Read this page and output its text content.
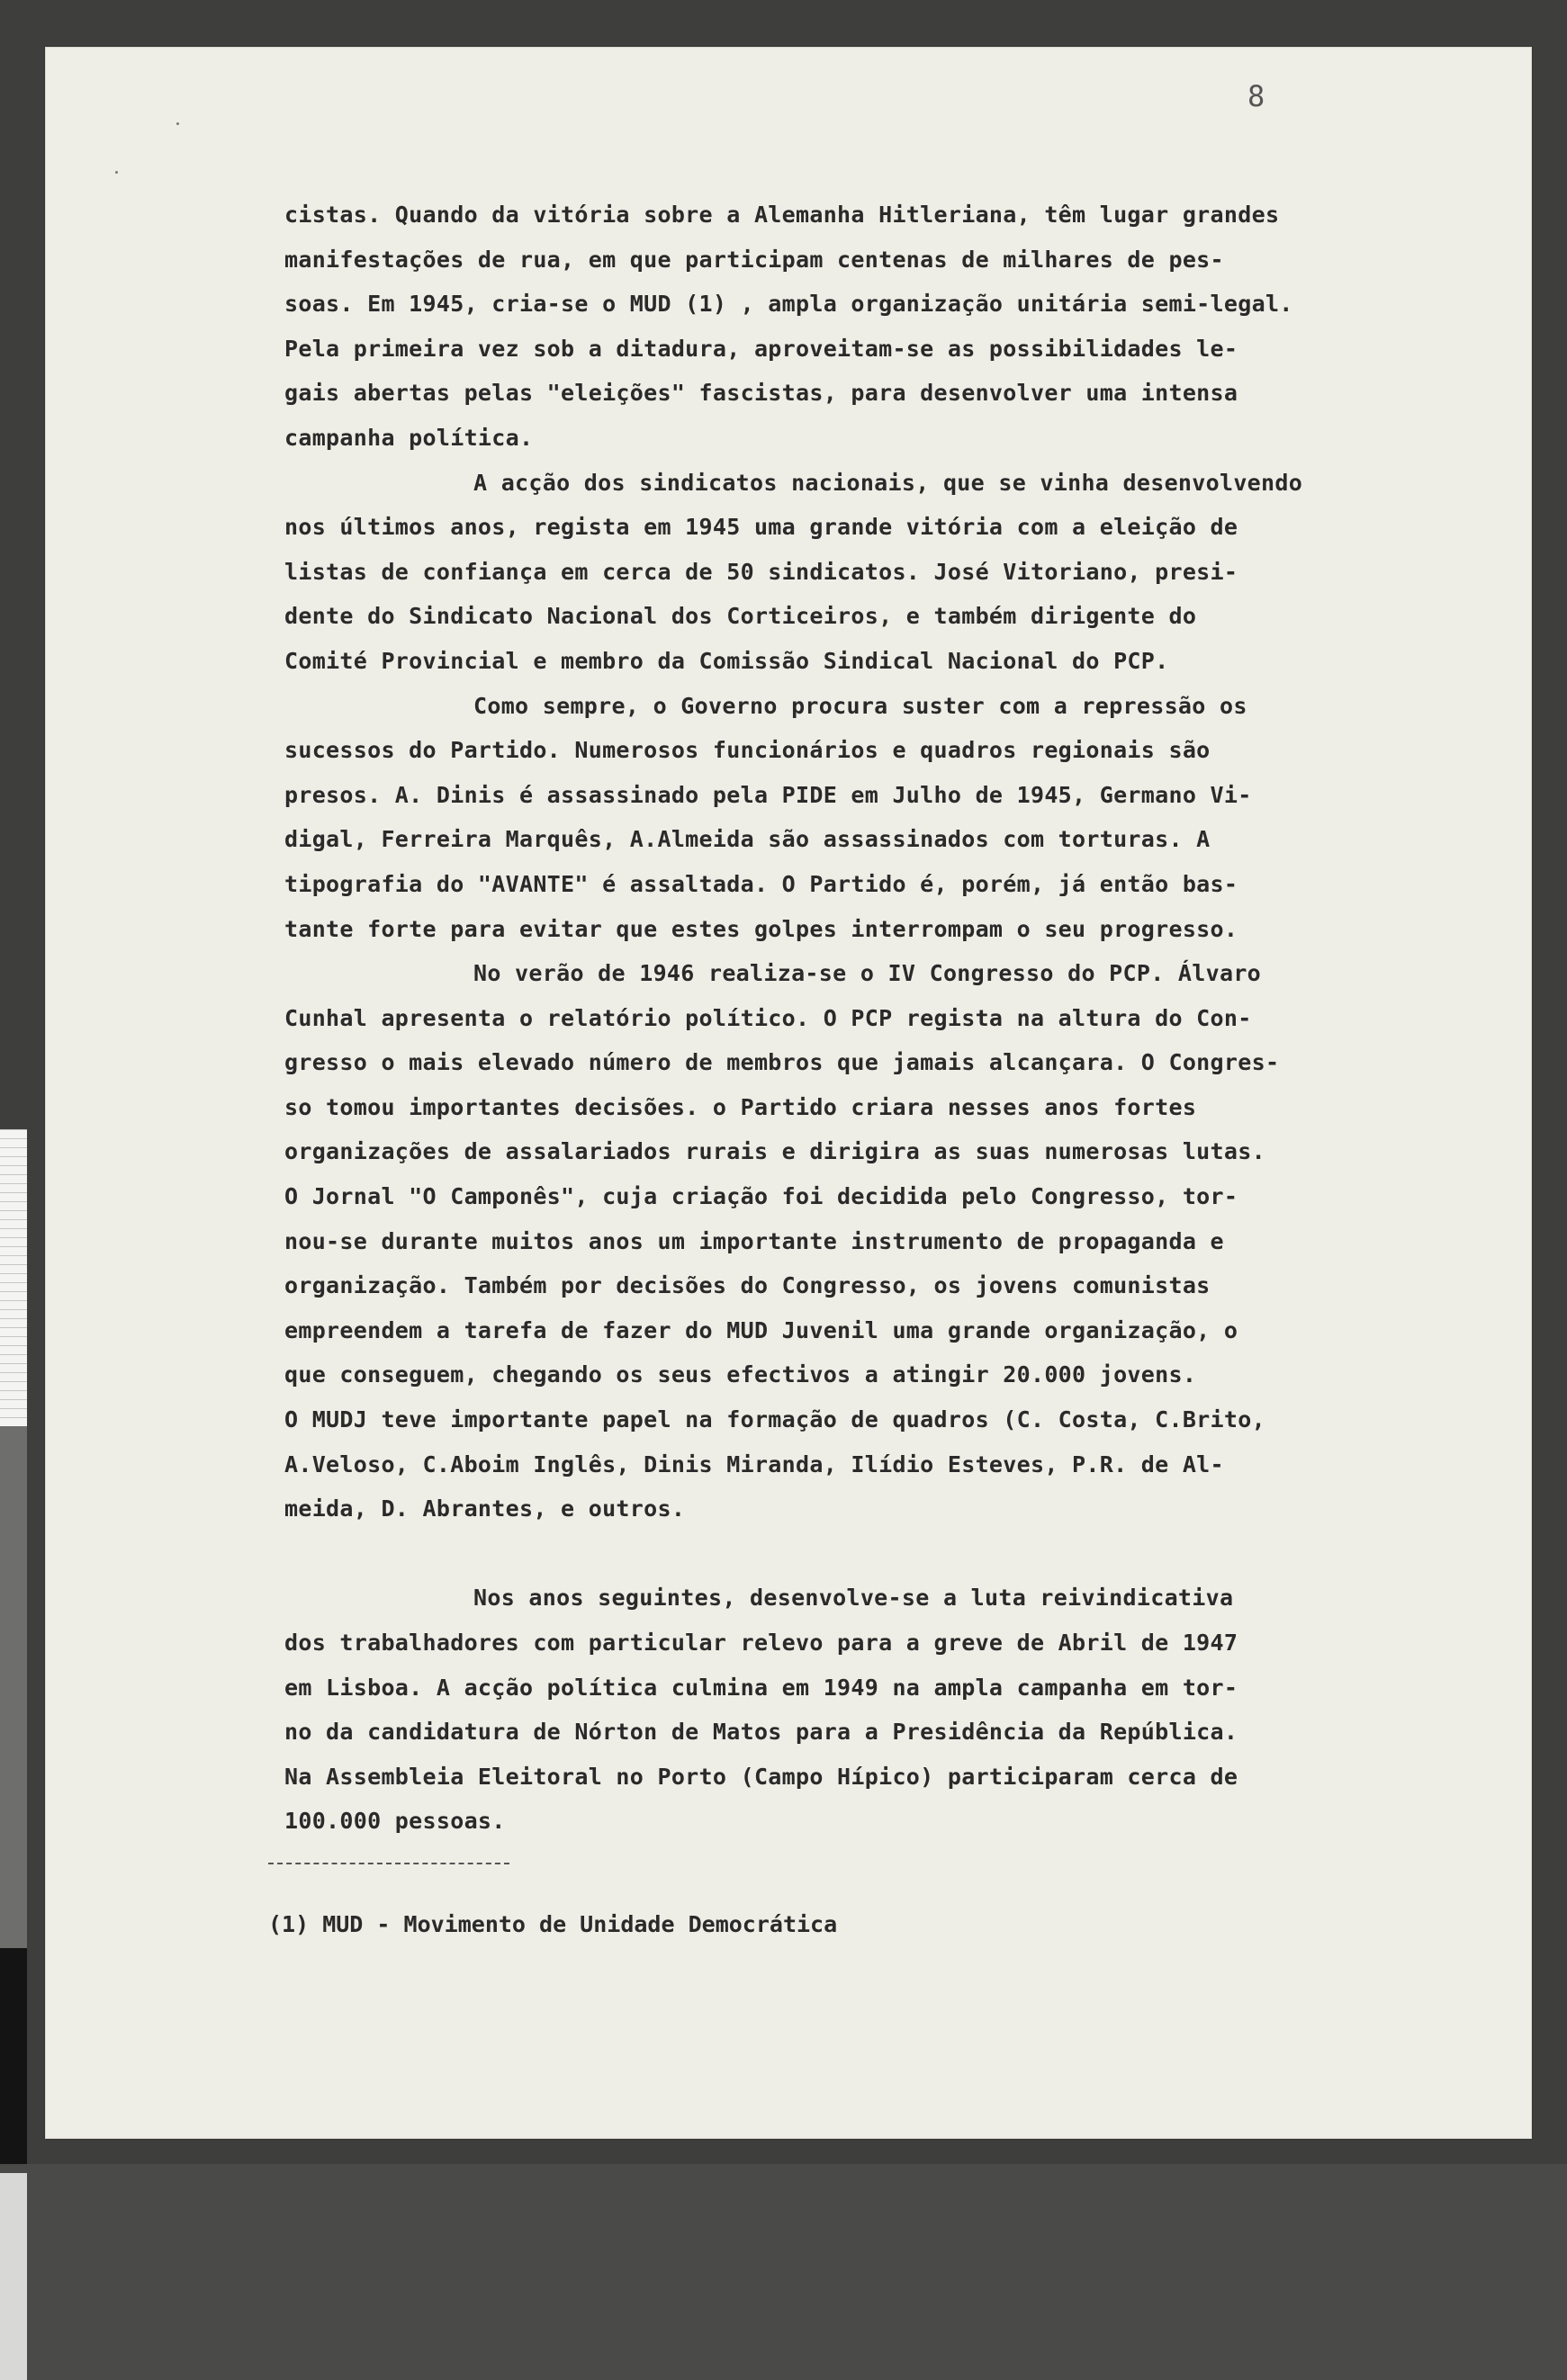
8
cistas. Quando da vitória sobre a Alemanha Hitleriana, têm lugar grandes
manifestações de rua, em que participam centenas de milhares de pes-
soas. Em 1945, cria-se o MUD (1) , ampla organização unitária semi-legal.
Pela primeira vez sob a ditadura, aproveitam-se as possibilidades le-
gais abertas pelas "eleições" fascistas, para desenvolver uma intensa
campanha política.
A acção dos sindicatos nacionais, que se vinha desenvolvendo
nos últimos anos, regista em 1945 uma grande vitória com a eleição de
listas de confiança em cerca de 50 sindicatos. José Vitoriano, presi-
dente do Sindicato Nacional dos Corticeiros, e também dirigente do
Comité Provincial e membro da Comissão Sindical Nacional do PCP.
Como sempre, o Governo procura suster com a repressão os
sucessos do Partido. Numerosos funcionários e quadros regionais são
presos. A. Dinis é assassinado pela PIDE em Julho de 1945, Germano Vi-
digal, Ferreira Marquês, A.Almeida são assassinados com torturas. A
tipografia do "AVANTE" é assaltada. O Partido é, porém, já então bas-
tante forte para evitar que estes golpes interrompam o seu progresso.
No verão de 1946 realiza-se o IV Congresso do PCP. Álvaro
Cunhal apresenta o relatório político. O PCP regista na altura do Con-
gresso o mais elevado número de membros que jamais alcançara. O Congres-
so tomou importantes decisões. o Partido criara nesses anos fortes
organizações de assalariados rurais e dirigira as suas numerosas lutas.
O Jornal "O Camponês", cuja criação foi decidida pelo Congresso, tor-
nou-se durante muitos anos um importante instrumento de propaganda e
organização. Também por decisões do Congresso, os jovens comunistas
empreendem a tarefa de fazer do MUD Juvenil uma grande organização, o
que conseguem, chegando os seus efectivos a atingir 20.000 jovens.
O MUDJ teve importante papel na formação de quadros (C. Costa, C.Brito,
A.Veloso, C.Aboim Inglês, Dinis Miranda, Ilídio Esteves, P.R. de Al-
meida, D. Abrantes, e outros.
Nos anos seguintes, desenvolve-se a luta reivindicativa
dos trabalhadores com particular relevo para a greve de Abril de 1947
em Lisboa. A acção política culmina em 1949 na ampla campanha em tor-
no da candidatura de Nórton de Matos para a Presidência da República.
Na Assembleia Eleitoral no Porto (Campo Hípico) participaram cerca de
100.000 pessoas.
(1) MUD - Movimento de Unidade Democrática
